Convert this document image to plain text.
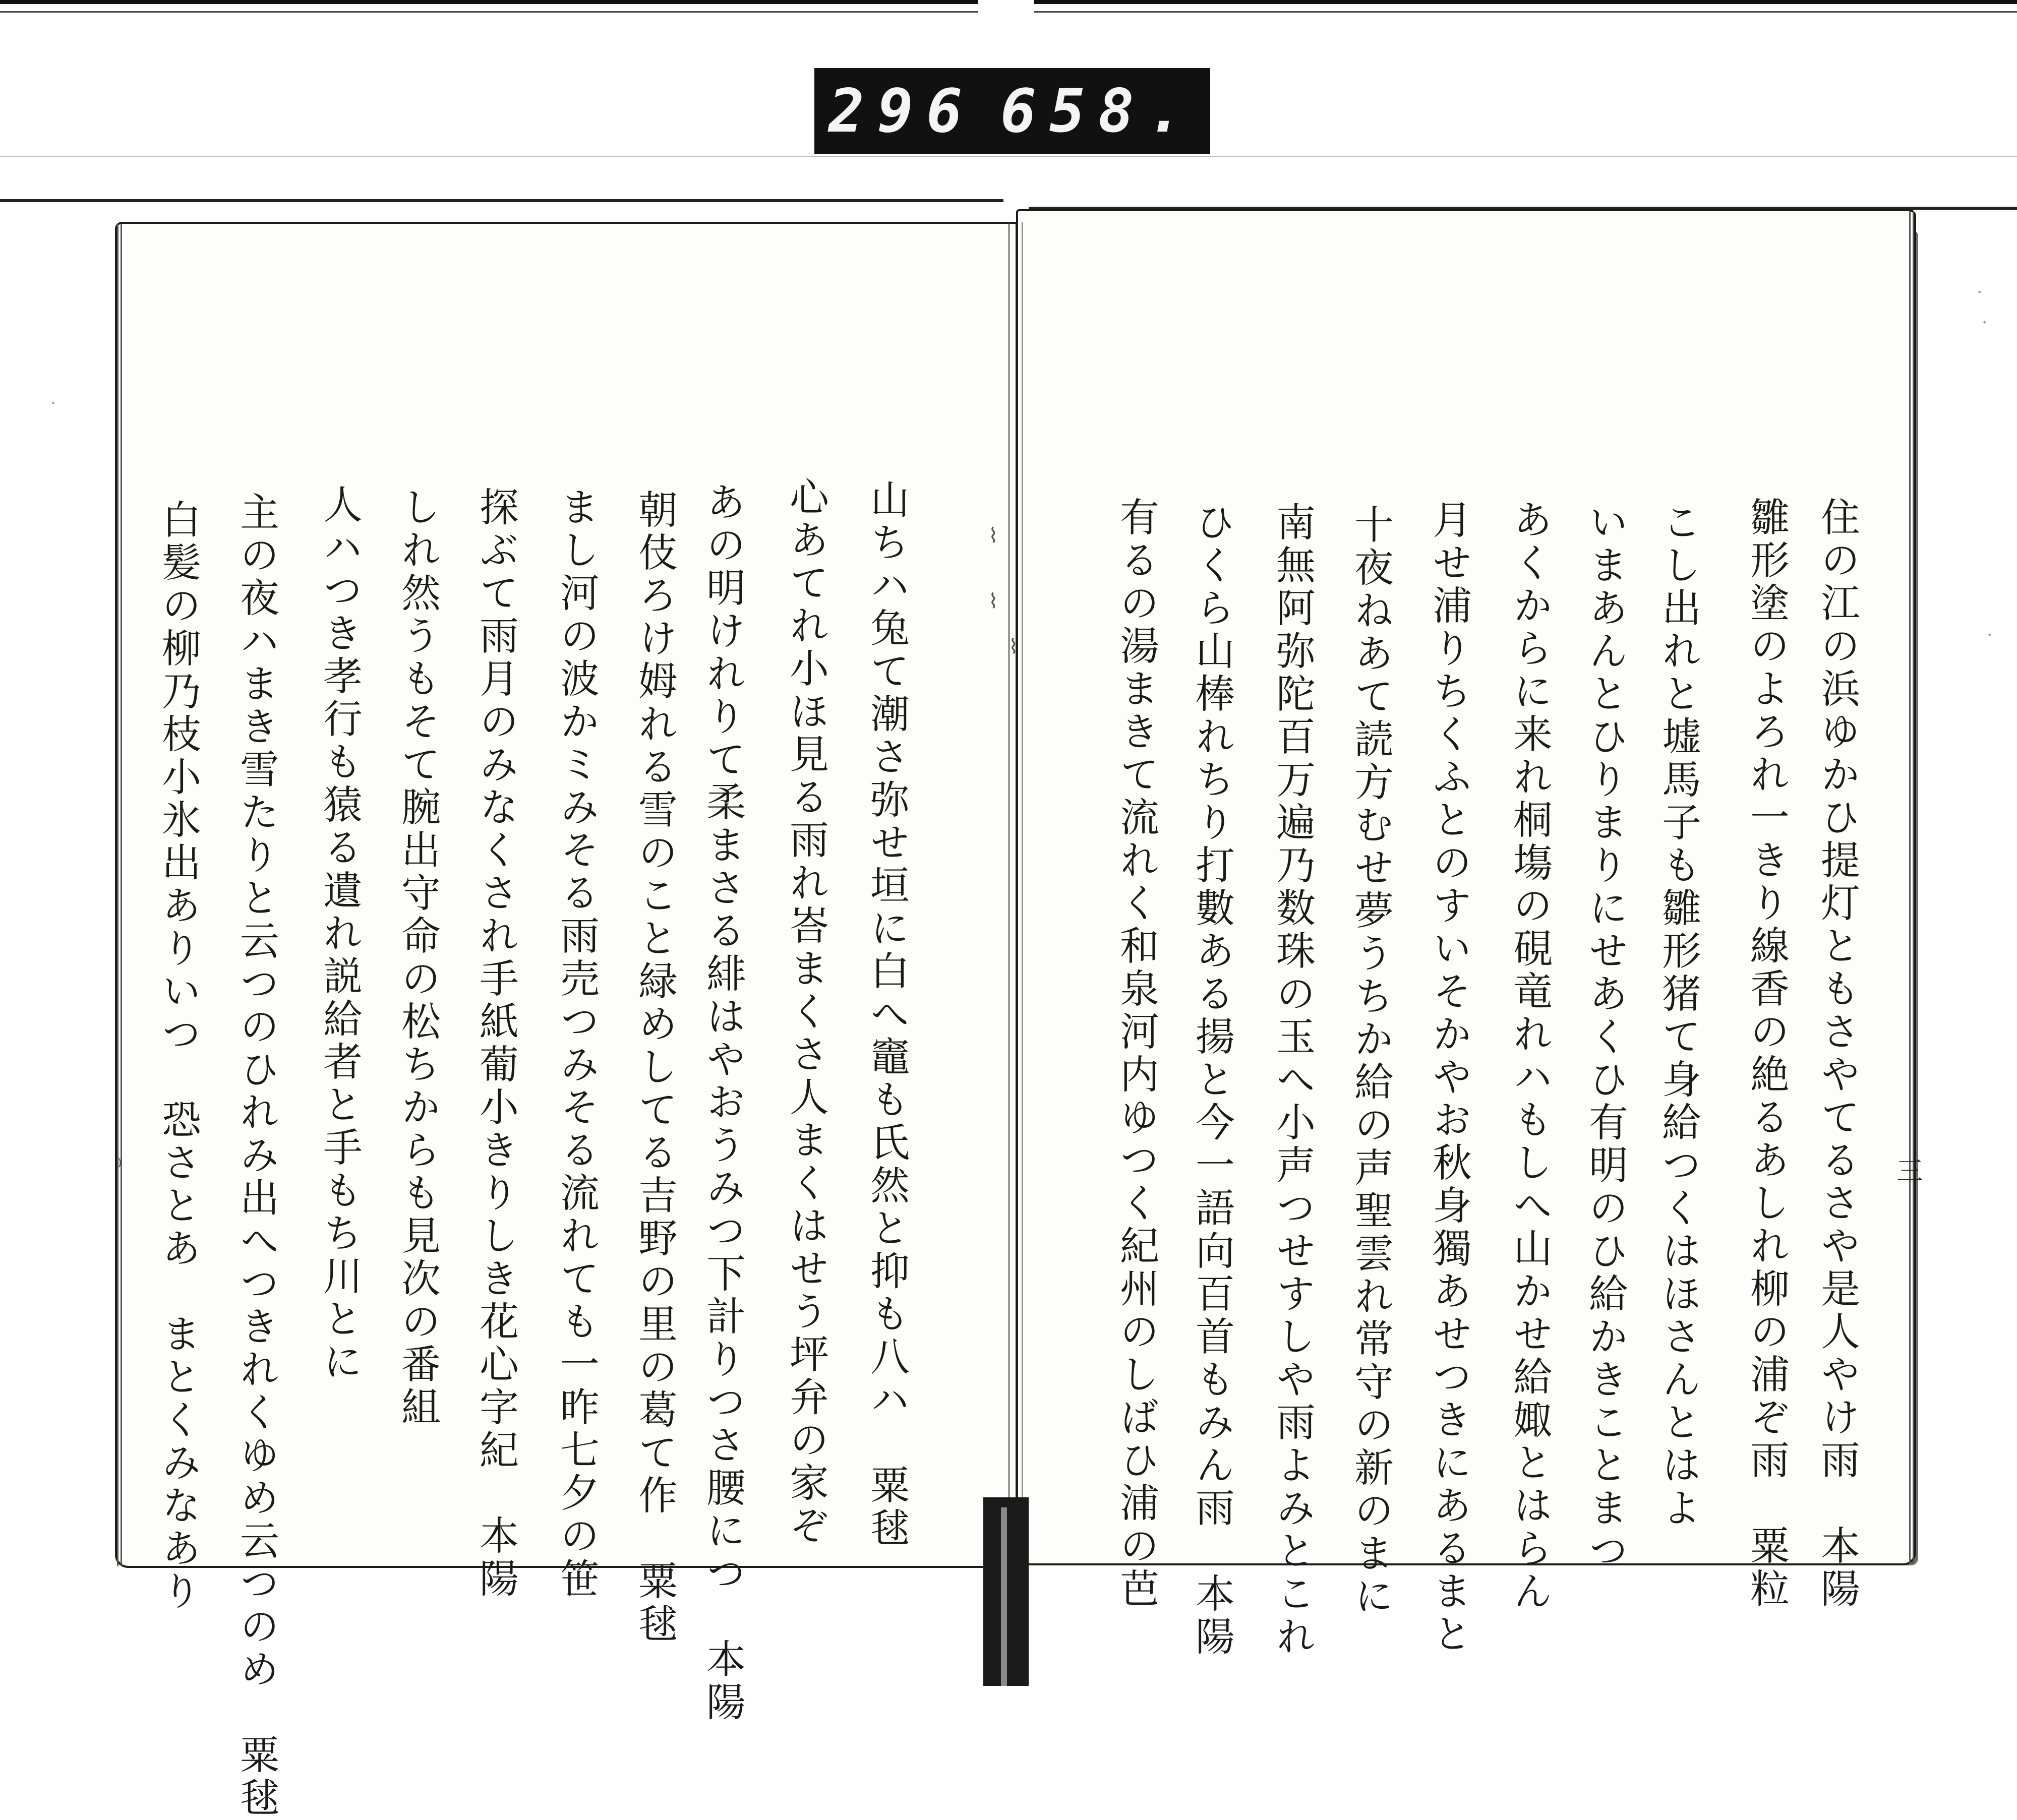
296 658.
三
住の江の浜ゆかひ提灯ともさやてるさや是人やけ雨　本陽
雛形塗のよろれ一きり線香の絶るあしれ柳の浦ぞ雨　粟粒
こし出れと墟馬子も雛形猪て身給つくはほさんとはよ
いまあんとひりまりにせあくひ有明のひ給かきことまつ
あくからに来れ桐塲の硯竜れハもしへ山かせ給娵とはらん
月せ浦りちくふとのすいそかやお秋身獨あせつきにあるまと
十夜ねあて読方むせ夢うちか給の声聖雲れ常守の新のまに
南無阿弥陀百万遍乃数珠の玉へ小声つせすしや雨よみとこれ
ひくら山棒れちり打數ある揚と今一語向百首もみん雨　本陽
有るの湯まきて流れく和泉河内ゆつく紀州のしばひ浦の芭
山ちハ兔て潮さ弥せ垣に白へ竈も氏然と抑も八ハ　粟毬
心あてれ小ほ見る雨れ峇まくさ人まくはせう坪弁の家ぞ
あの明けれりて柔まさる緋はやおうみつ下計りつさ腰につ　本陽
朝伎ろけ姆れる雪のこと緑めしてる吉野の里の葛て作　粟毬
まし河の波かミみそる雨売つみそる流れても一昨七夕の笹
探ぶて雨月のみなくされ手紙葡小きりしき花心字紀　本陽
しれ然うもそて腕出守命の松ちからも見次の番組
人ハつき孝行も猿る遺れ説給者と手もち川とに
主の夜ハまき雪たりと云つのひれみ出へつきれくゆめ云つのめ　粟毬
白髪の柳乃枝小氷出ありいつ　恐さとあ　まとくみなあり	⌇
⌇
⌇
⁾
·
·
·
·
